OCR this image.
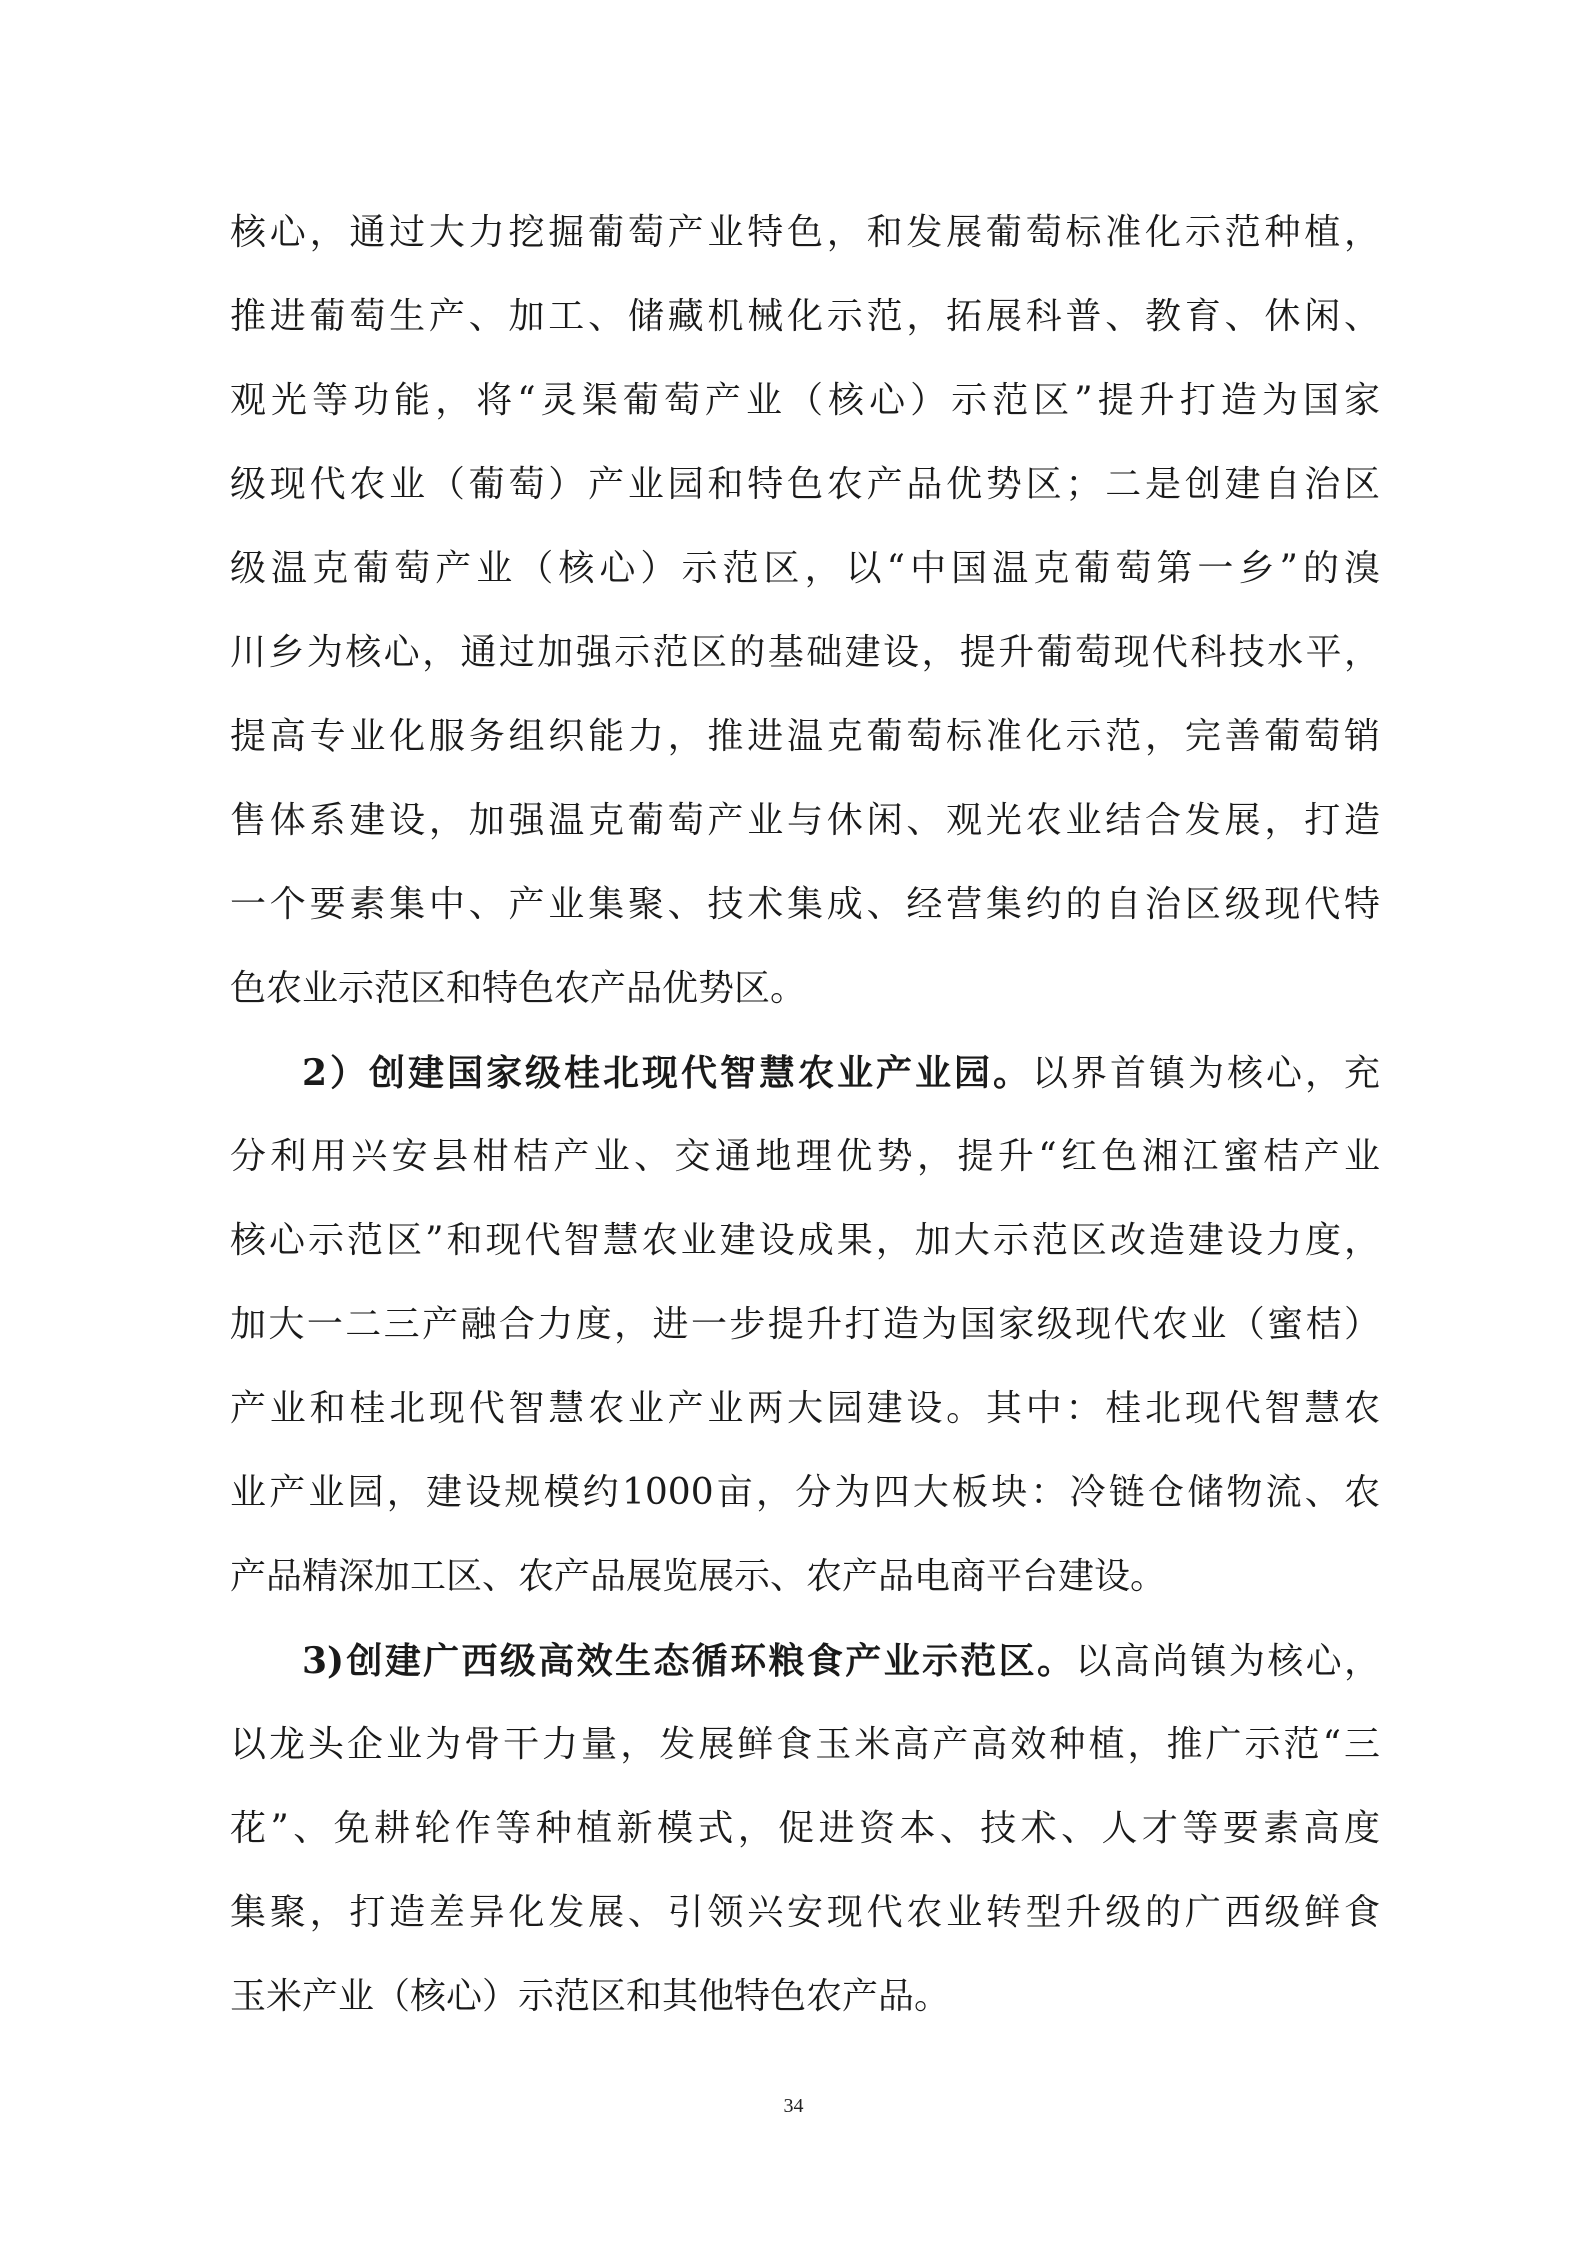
核心，通过大力挖掘葡萄产业特色，和发展葡萄标准化示范种植，
推进葡萄生产、加工、储藏机械化示范，拓展科普、教育、休闲、
观光等功能，将“灵渠葡萄产业（核心）示范区”提升打造为国家
级现代农业（葡萄）产业园和特色农产品优势区；二是创建自治区
级温克葡萄产业（核心）示范区，以“中国温克葡萄第一乡”的溴
川乡为核心，通过加强示范区的基础建设，提升葡萄现代科技水平，
提高专业化服务组织能力，推进温克葡萄标准化示范，完善葡萄销
售体系建设，加强温克葡萄产业与休闲、观光农业结合发展，打造
一个要素集中、产业集聚、技术集成、经营集约的自治区级现代特
色农业示范区和特色农产品优势区。
2）创建国家级桂北现代智慧农业产业园。以界首镇为核心，充
分利用兴安县柑桔产业、交通地理优势，提升“红色湘江蜜桔产业
核心示范区”和现代智慧农业建设成果，加大示范区改造建设力度，
加大一二三产融合力度，进一步提升打造为国家级现代农业（蜜桔）
产业和桂北现代智慧农业产业两大园建设。其中：桂北现代智慧农
业产业园，建设规模约1000亩，分为四大板块：冷链仓储物流、农
产品精深加工区、农产品展览展示、农产品电商平台建设。
3)创建广西级高效生态循环粮食产业示范区。以高尚镇为核心，
以龙头企业为骨干力量，发展鲜食玉米高产高效种植，推广示范“三
花”、免耕轮作等种植新模式，促进资本、技术、人才等要素高度
集聚，打造差异化发展、引领兴安现代农业转型升级的广西级鲜食
玉米产业（核心）示范区和其他特色农产品。
34
